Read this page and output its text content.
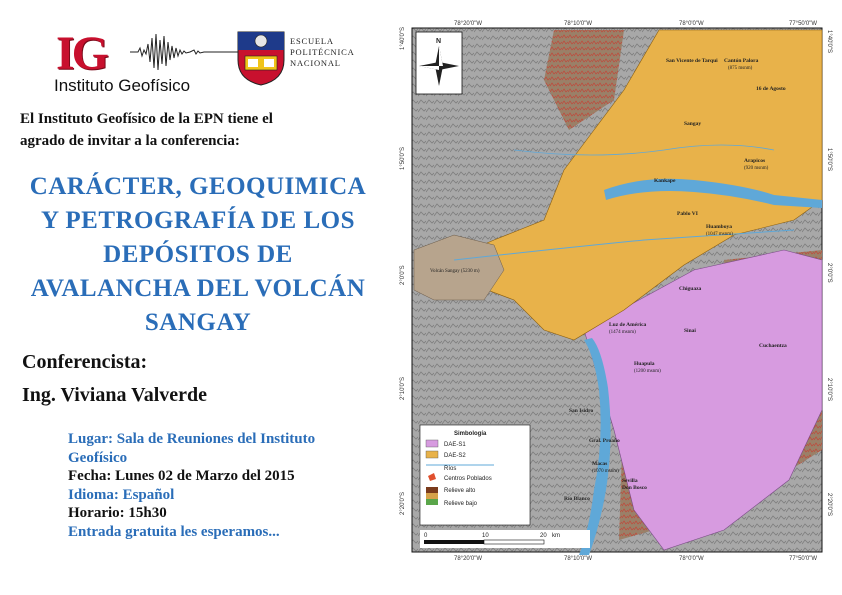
IG
Instituto Geofísico
ESCUELA
POLITÉCNICA
NACIONAL
El Instituto Geofísico de la EPN tiene el
agrado de invitar a la conferencia:
CARÁCTER, GEOQUIMICA
Y PETROGRAFÍA DE LOS
DEPÓSITOS DE
AVALANCHA DEL VOLCÁN
SANGAY
Conferencista:
Ing. Viviana Valverde
Lugar: Sala de Reuniones del Instituto
Geofísico
Fecha: Lunes 02 de Marzo del 2015
Idioma: Español
Horario: 15h30
Entrada gratuita les esperamos...
N
78°20'0"W	78°10'0"W	78°0'0"W	77°50'0"W
78°20'0"W	78°10'0"W	78°0'0"W	77°50'0"W
1°40'0"S
1°50'0"S
2°0'0"S
2°10'0"S
2°20'0"S
1°40'0"S
1°50'0"S
2°0'0"S
2°10'0"S
2°20'0"S
San Vicente de Tarqui Cantón Palora
(875 msnm)
16 de Agosto
Sangay
Arapicos
(920 msnm)
Kankape
Pablo VI
Huamboya
(1047 msnm)
Volcán Sangay (5230 m)
Chiguaza
Luz de América
(1474 msnm)	Sinai
Cuchaentza
Huapula
(1200 msnm)
San Isidro
Gral. Proaño
Macas
(1070 msnm)
Sevilla
Don Bosco
Río Blanco
Simbología
DAE-S1
DAE-S2
Ríos
Centros Poblados
Relieve alto
Relieve bajo
0	10	20 km
